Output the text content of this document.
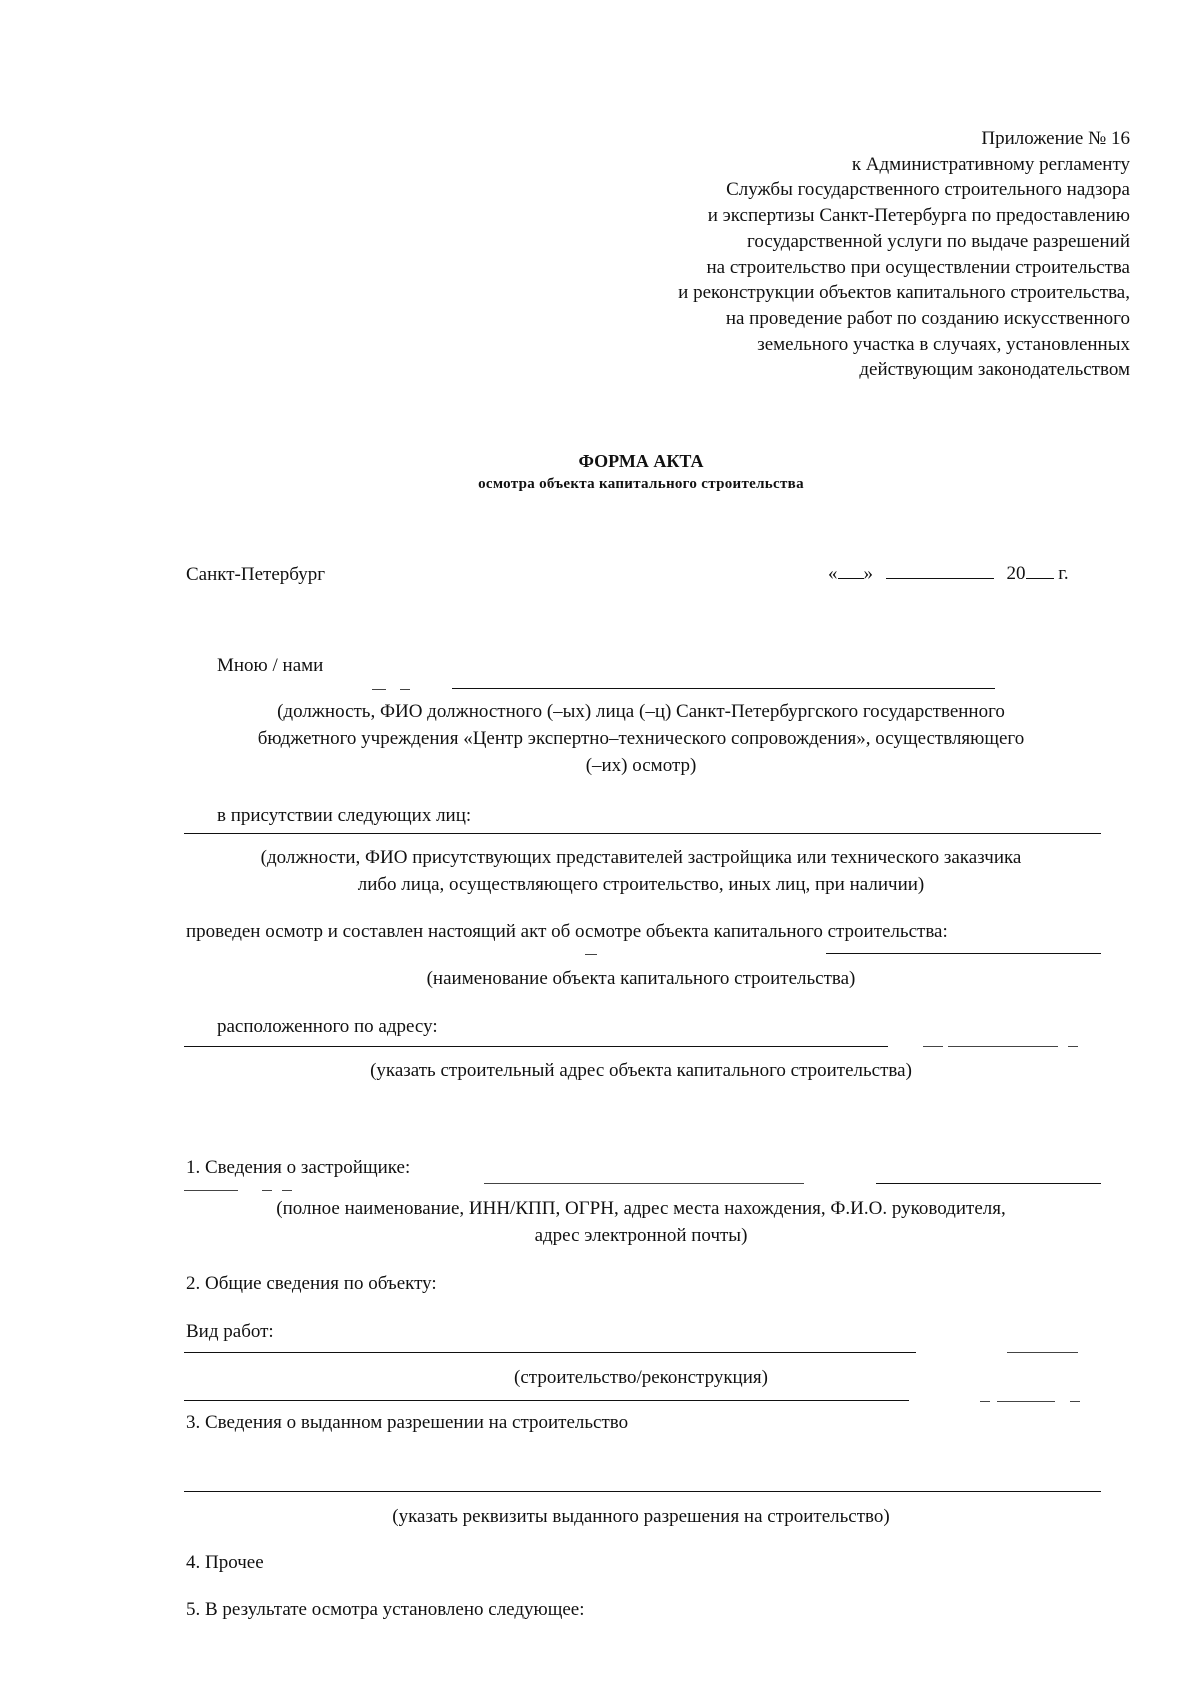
Приложение № 16
к Административному регламенту
Службы государственного строительного надзора
и экспертизы Санкт-Петербурга по предоставлению
государственной услуги по выдаче разрешений
на строительство при осуществлении строительства
и реконструкции объектов капитального строительства,
на проведение работ по созданию искусственного
земельного участка в случаях, установленных
действующим законодательством
ФОРМА АКТА
осмотра объекта капитального строительства
Санкт-Петербург	« »	20 г.
Мною / нами
(должность, ФИО должностного (–ых) лица (–ц) Санкт-Петербургского государственного
бюджетного учреждения «Центр экспертно–технического сопровождения», осуществляющего
(–их) осмотр)
в присутствии следующих лиц:
(должности, ФИО присутствующих представителей застройщика или технического заказчика
либо лица, осуществляющего строительство, иных лиц, при наличии)
проведен осмотр и составлен настоящий акт об осмотре объекта капитального строительства:
(наименование объекта капитального строительства)
расположенного по адресу:
(указать строительный адрес объекта капитального строительства)
1. Сведения о застройщике:
(полное наименование, ИНН/КПП, ОГРН, адрес места нахождения, Ф.И.О. руководителя,
адрес электронной почты)
2. Общие сведения по объекту:
Вид работ:
(строительство/реконструкция)
3. Сведения о выданном разрешении на строительство
(указать реквизиты выданного разрешения на строительство)
4. Прочее
5. В результате осмотра установлено следующее:
